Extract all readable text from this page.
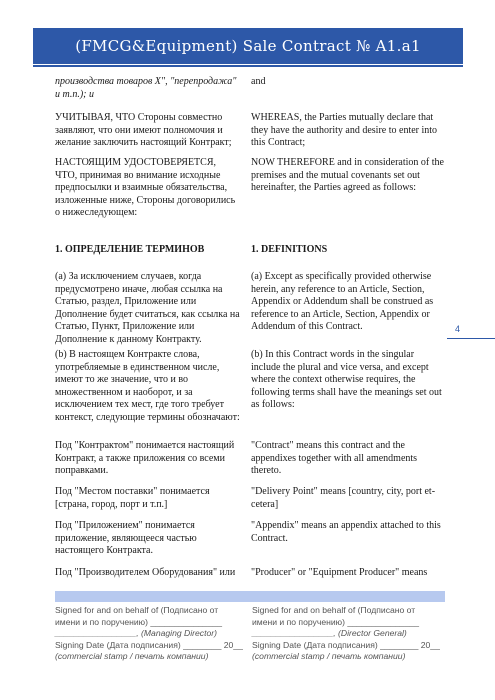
(FMCG&Equipment) Sale Contract № A1.a1
производства товаров X", "перепродажа" и т.п.); и
and
УЧИТЫВАЯ, ЧТО Стороны совместно заявляют, что они имеют полномочия и желание заключить настоящий Контракт;
WHEREAS, the Parties mutually declare that they have the authority and desire to enter into this Contract;
НАСТОЯЩИМ УДОСТОВЕРЯЕТСЯ, ЧТО, принимая во внимание исходные предпосылки и взаимные обязательства, изложенные ниже, Стороны договорились о нижеследующем:
NOW THEREFORE and in consideration of the premises and the mutual covenants set out hereinafter, the Parties agreed as follows:
1. ОПРЕДЕЛЕНИЕ ТЕРМИНОВ	1. DEFINITIONS
(а) За исключением случаев, когда предусмотрено иначе, любая ссылка на Статью, раздел, Приложение или Дополнение будет считаться, как ссылка на Статью, Пункт, Приложение или Дополнение к данному Контракту.
(a) Except as specifically provided otherwise herein, any reference to an Article, Section, Appendix or Addendum shall be construed as reference to an Article, Section, Appendix or Addendum of this Contract.
(b) В настоящем Контракте слова, употребляемые в единственном числе, имеют то же значение, что и во множественном и наоборот, и за исключением тех мест, где того требует контекст, следующие термины обозначают:
(b) In this Contract words in the singular include the plural and vice versa, and except where the context otherwise requires, the following terms shall have the meanings set out as follows:
Под "Контрактом" понимается настоящий Контракт, а также приложения со всеми поправками.
"Contract" means this contract and the appendixes together with all amendments thereto.
Под "Местом поставки" понимается [страна, город, порт и т.п.]
"Delivery Point" means [country, city, port et-cetera]
Под "Приложением" понимается приложение, являющееся частью настоящего Контракта.
"Appendix" means an appendix attached to this Contract.
Под "Производителем Оборудования" или	"Producer" or "Equipment Producer" means
4
Signed for and on behalf of (Подписано от
имени и по поручению) _______________
_________________, (Managing Director)
Signing Date (Дата подписания) ________ 20__
(commercial stamp / печать компании)
Signed for and on behalf of (Подписано от
имени и по поручению) _______________
_________________, (Director General)
Signing Date (Дата подписания) ________ 20__
(commercial stamp / печать компании)
